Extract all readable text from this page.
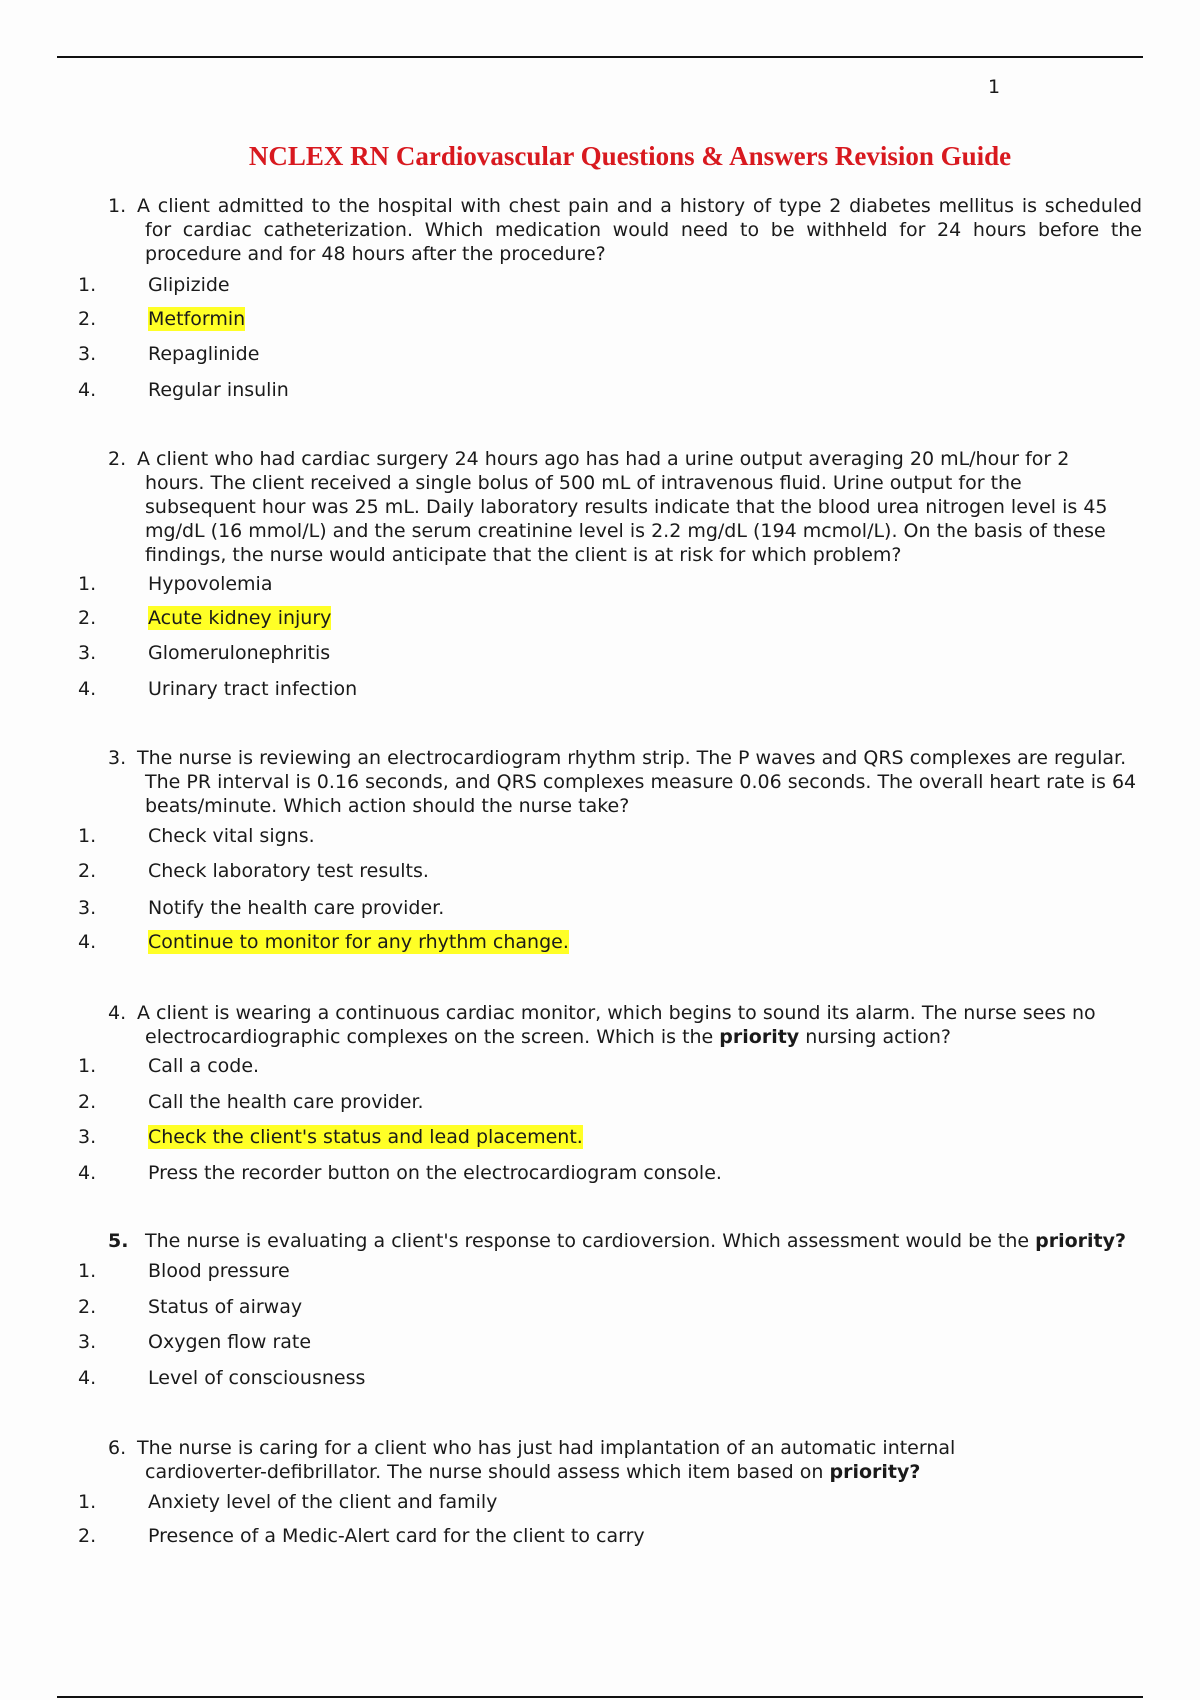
1
NCLEX RN Cardiovascular Questions & Answers Revision Guide
1. A client admitted to the hospital with chest pain and a history of type 2 diabetes mellitus is scheduled for cardiac catheterization. Which medication would need to be withheld for 24 hours before the procedure and for 48 hours after the procedure?
1.	Glipizide
2.	Metformin
3.	Repaglinide
4.	Regular insulin
2. A client who had cardiac surgery 24 hours ago has had a urine output averaging 20 mL/hour for 2 hours. The client received a single bolus of 500 mL of intravenous fluid. Urine output for the subsequent hour was 25 mL. Daily laboratory results indicate that the blood urea nitrogen level is 45 mg/dL (16 mmol/L) and the serum creatinine level is 2.2 mg/dL (194 mcmol/L). On the basis of these findings, the nurse would anticipate that the client is at risk for which problem?
1.	Hypovolemia
2.	Acute kidney injury
3.	Glomerulonephritis
4.	Urinary tract infection
3. The nurse is reviewing an electrocardiogram rhythm strip. The P waves and QRS complexes are regular. The PR interval is 0.16 seconds, and QRS complexes measure 0.06 seconds. The overall heart rate is 64 beats/minute. Which action should the nurse take?
1.	Check vital signs.
2.	Check laboratory test results.
3.	Notify the health care provider.
4.	Continue to monitor for any rhythm change.
4. A client is wearing a continuous cardiac monitor, which begins to sound its alarm. The nurse sees no electrocardiographic complexes on the screen. Which is the priority nursing action?
1.	Call a code.
2.	Call the health care provider.
3.	Check the client's status and lead placement.
4.	Press the recorder button on the electrocardiogram console.
5. The nurse is evaluating a client's response to cardioversion. Which assessment would be the priority?
1.	Blood pressure
2.	Status of airway
3.	Oxygen flow rate
4.	Level of consciousness
6. The nurse is caring for a client who has just had implantation of an automatic internal cardioverter-defibrillator. The nurse should assess which item based on priority?
1.	Anxiety level of the client and family
2.	Presence of a Medic-Alert card for the client to carry
